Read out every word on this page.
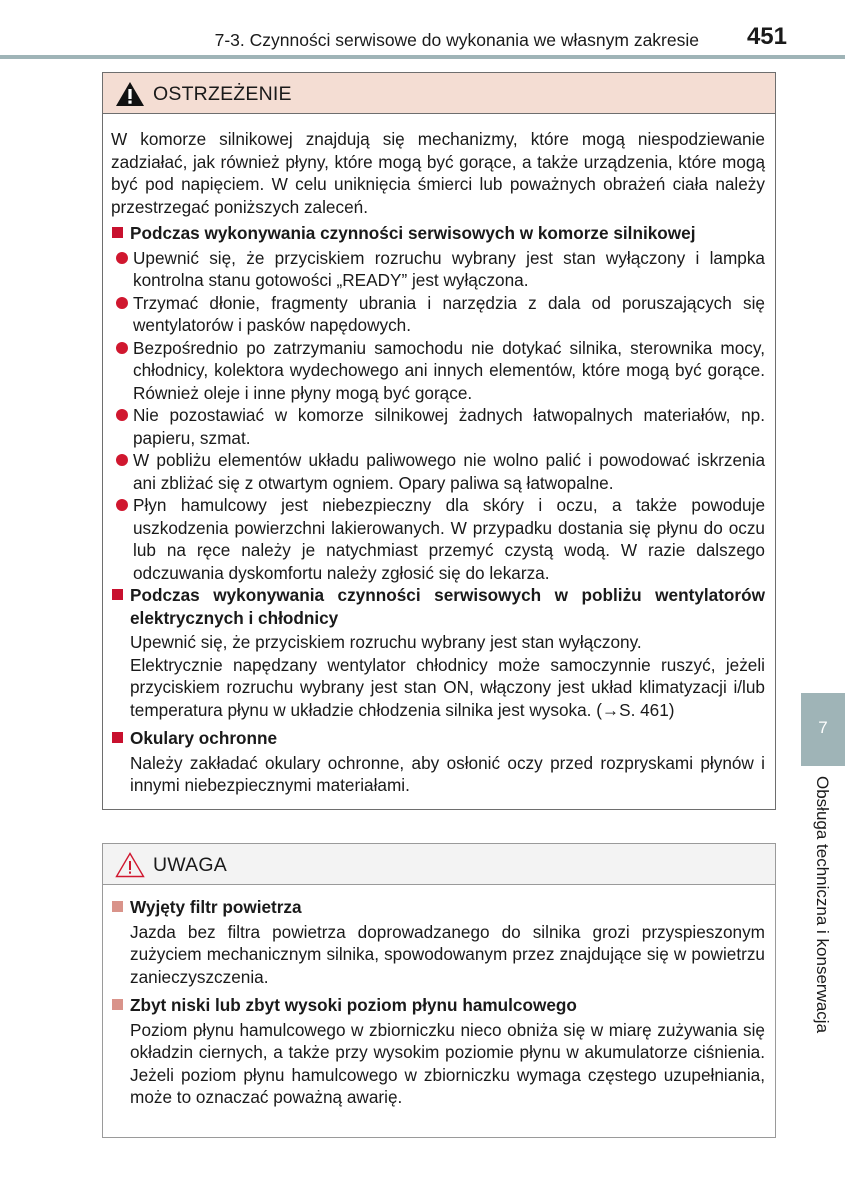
7-3. Czynności serwisowe do wykonania we własnym zakresie 451
OSTRZEŻENIE

W komorze silnikowej znajdują się mechanizmy, które mogą niespodziewanie zadziałać, jak również płyny, które mogą być gorące, a także urządzenia, które mogą być pod napięciem. W celu uniknięcia śmierci lub poważnych obrażeń ciała należy przestrzegać poniższych zaleceń.

Podczas wykonywania czynności serwisowych w komorze silnikowej

Upewnić się, że przyciskiem rozruchu wybrany jest stan wyłączony i lampka kontrolna stanu gotowości „READY” jest wyłączona.
Trzymać dłonie, fragmenty ubrania i narzędzia z dala od poruszających się wentylatorów i pasków napędowych.
Bezpośrednio po zatrzymaniu samochodu nie dotykać silnika, sterownika mocy, chłodnicy, kolektora wydechowego ani innych elementów, które mogą być gorące. Również oleje i inne płyny mogą być gorące.
Nie pozostawiać w komorze silnikowej żadnych łatwopalnych materiałów, np. papieru, szmat.
W pobliżu elementów układu paliwowego nie wolno palić i powodować iskrzenia ani zbliżać się z otwartym ogniem. Opary paliwa są łatwopalne.
Płyn hamulcowy jest niebezpieczny dla skóry i oczu, a także powoduje uszkodzenia powierzchni lakierowanych. W przypadku dostania się płynu do oczu lub na ręce należy je natychmiast przemyć czystą wodą. W razie dalszego odczuwania dyskomfortu należy zgłosić się do lekarza.

Podczas wykonywania czynności serwisowych w pobliżu wentylatorów elektrycznych i chłodnicy

Upewnić się, że przyciskiem rozruchu wybrany jest stan wyłączony.

Elektrycznie napędzany wentylator chłodnicy może samoczynnie ruszyć, jeżeli przyciskiem rozruchu wybrany jest stan ON, włączony jest układ klimatyzacji i/lub temperatura płynu w układzie chłodzenia silnika jest wysoka. (→S. 461)

Okulary ochronne

Należy zakładać okulary ochronne, aby osłonić oczy przed rozpryskami płynów i innymi niebezpiecznymi materiałami.

UWAGA

Wyjęty filtr powietrza

Jazda bez filtra powietrza doprowadzanego do silnika grozi przyspieszonym zużyciem mechanicznym silnika, spowodowanym przez znajdujące się w powietrzu zanieczyszczenia.

Zbyt niski lub zbyt wysoki poziom płynu hamulcowego

Poziom płynu hamulcowego w zbiorniczku nieco obniża się w miarę zużywania się okładzin ciernych, a także przy wysokim poziomie płynu w akumulatorze ciśnienia. Jeżeli poziom płynu hamulcowego w zbiorniczku wymaga częstego uzupełniania, może to oznaczać poważną awarię.

7
Obsługa techniczna i konserwacja
